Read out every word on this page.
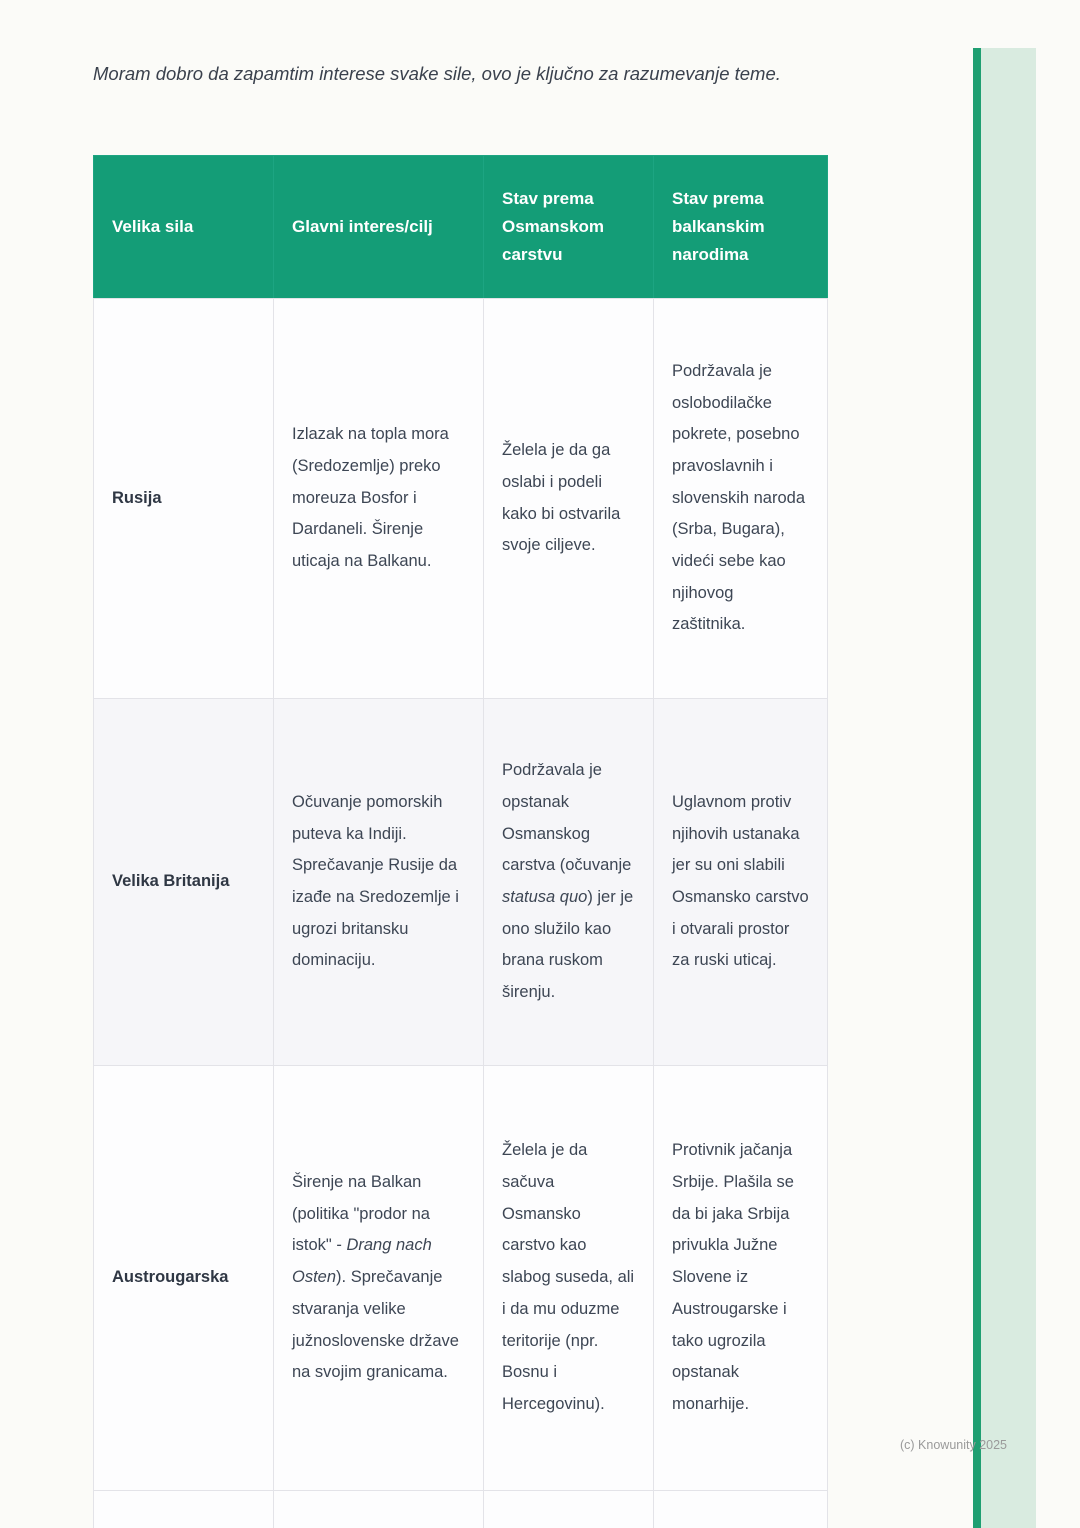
Moram dobro da zapamtim interese svake sile, ovo je ključno za razumevanje teme.

Velika sila	Glavni interes/cilj	Stav prema Osmanskom carstvu	Stav prema balkanskim narodima
Rusija	Izlazak na topla mora (Sredozemlje) preko moreuza Bosfor i Dardaneli. Širenje uticaja na Balkanu.	Želela je da ga oslabi i podeli kako bi ostvarila svoje ciljeve.	Podržavala je oslobodilačke pokrete, posebno pravoslavnih i slovenskih naroda (Srba, Bugara), videći sebe kao njihovog zaštitnika.
Velika Britanija	Očuvanje pomorskih puteva ka Indiji. Sprečavanje Rusije da izađe na Sredozemlje i ugrozi britansku dominaciju.	Podržavala je opstanak Osmanskog carstva (očuvanje statusa quo) jer je ono služilo kao brana ruskom širenju.	Uglavnom protiv njihovih ustanaka jer su oni slabili Osmansko carstvo i otvarali prostor za ruski uticaj.
Austrougarska	Širenje na Balkan (politika "prodor na istok" - Drang nach Osten). Sprečavanje stvaranja velike južnoslovenske države na svojim granicama.	Želela je da sačuva Osmansko carstvo kao slabog suseda, ali i da mu oduzme teritorije (npr. Bosnu i Hercegovinu).	Protivnik jačanja Srbije. Plašila se da bi jaka Srbija privukla Južne Slovene iz Austrougarske i tako ugrozila opstanak monarhije.

(c) Knowunity 2025
